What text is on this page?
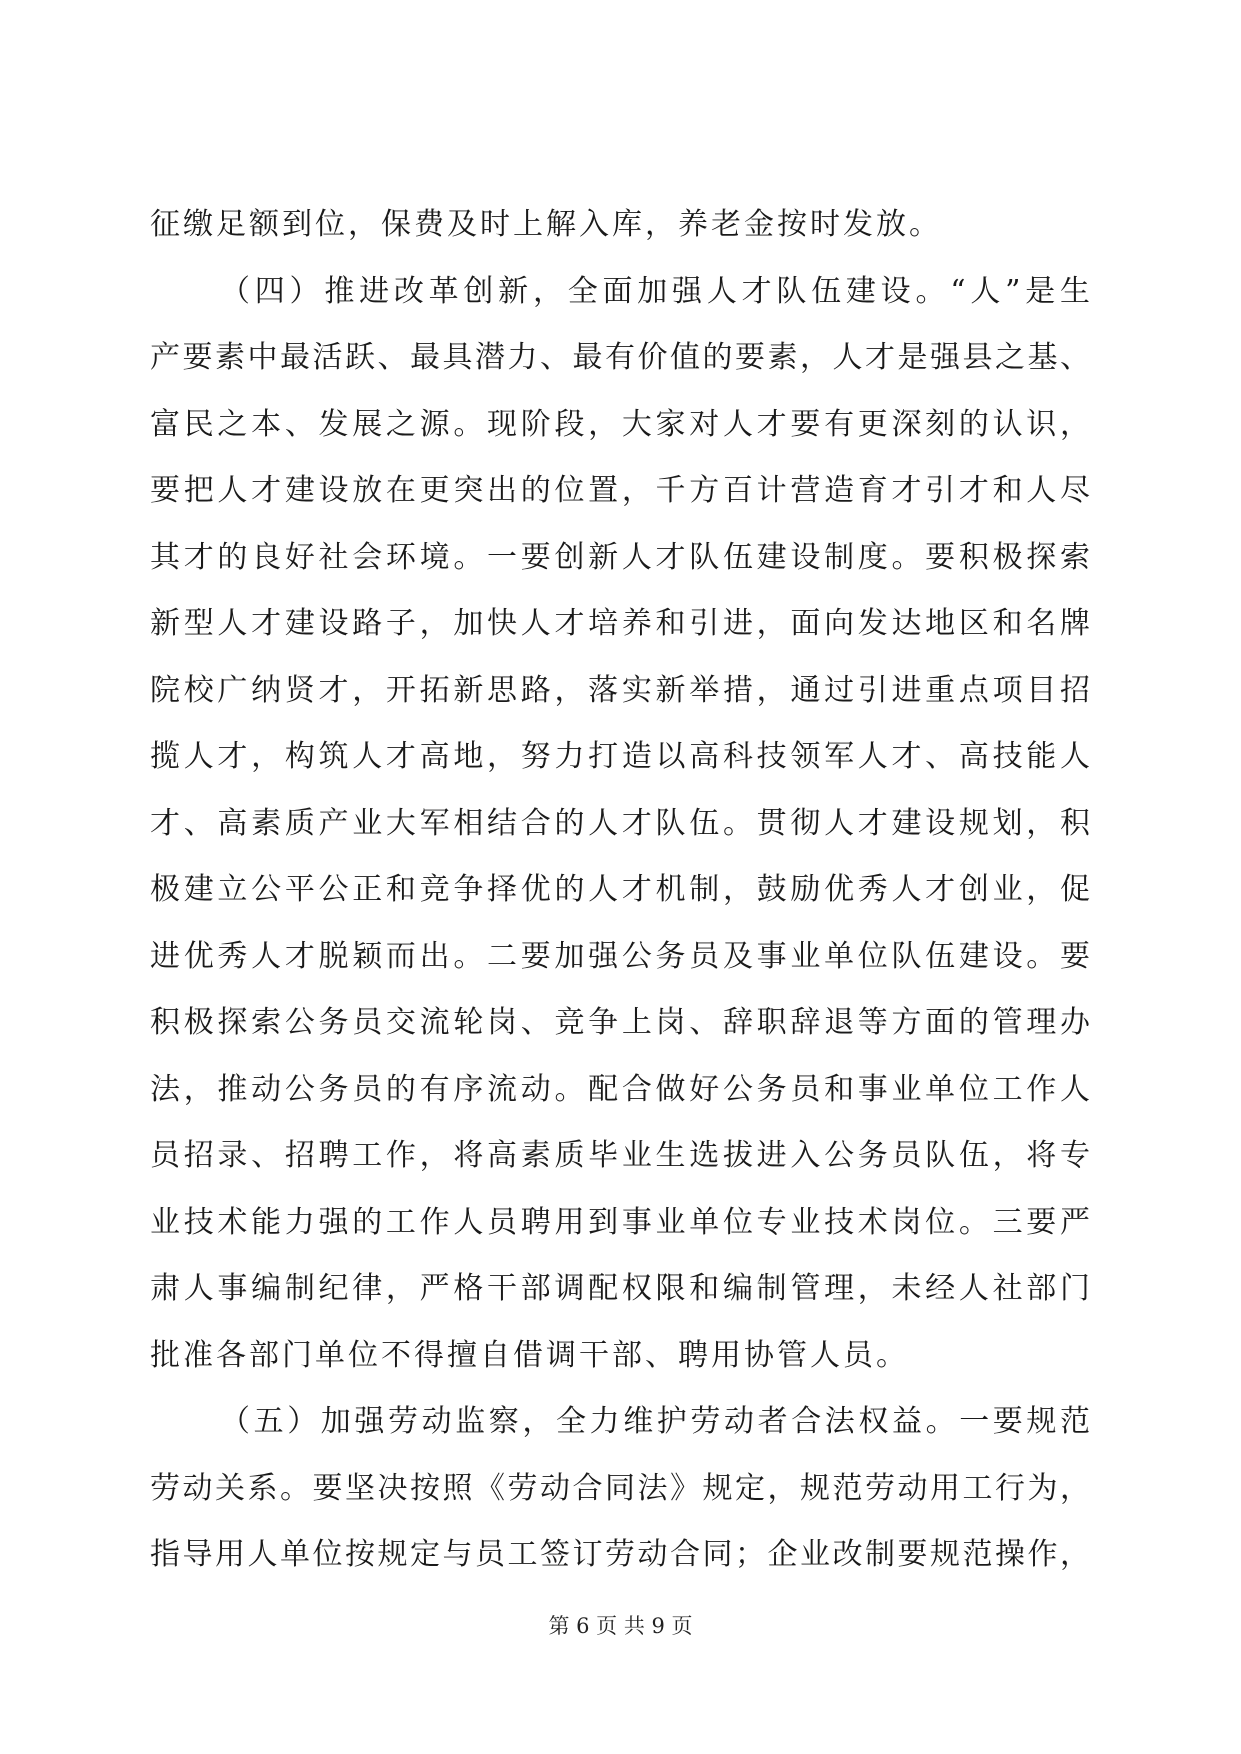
征缴足额到位，保费及时上解入库，养老金按时发放。
（四）推进改革创新，全面加强人才队伍建设。“人”是生
产要素中最活跃、最具潜力、最有价值的要素，人才是强县之基、
富民之本、发展之源。现阶段，大家对人才要有更深刻的认识，
要把人才建设放在更突出的位置，千方百计营造育才引才和人尽
其才的良好社会环境。一要创新人才队伍建设制度。要积极探索
新型人才建设路子，加快人才培养和引进，面向发达地区和名牌
院校广纳贤才，开拓新思路，落实新举措，通过引进重点项目招
揽人才，构筑人才高地，努力打造以高科技领军人才、高技能人
才、高素质产业大军相结合的人才队伍。贯彻人才建设规划，积
极建立公平公正和竞争择优的人才机制，鼓励优秀人才创业，促
进优秀人才脱颖而出。二要加强公务员及事业单位队伍建设。要
积极探索公务员交流轮岗、竞争上岗、辞职辞退等方面的管理办
法，推动公务员的有序流动。配合做好公务员和事业单位工作人
员招录、招聘工作，将高素质毕业生选拔进入公务员队伍，将专
业技术能力强的工作人员聘用到事业单位专业技术岗位。三要严
肃人事编制纪律，严格干部调配权限和编制管理，未经人社部门
批准各部门单位不得擅自借调干部、聘用协管人员。
（五）加强劳动监察，全力维护劳动者合法权益。一要规范
劳动关系。要坚决按照《劳动合同法》规定，规范劳动用工行为，
指导用人单位按规定与员工签订劳动合同；企业改制要规范操作，
第 6 页 共 9 页
